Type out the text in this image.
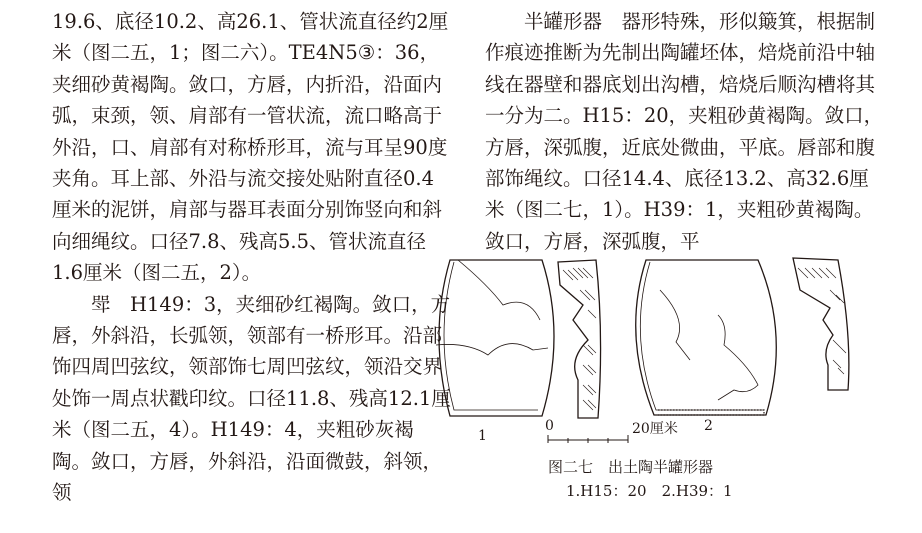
19.6、底径10.2、高26.1、管状流直径约2厘米（图二五，1；图二六）。TE4N5③：36，夹细砂黄褐陶。敛口，方唇，内折沿，沿面内弧，束颈，领、肩部有一管状流，流口略高于外沿，口、肩部有对称桥形耳，流与耳呈90度夹角。耳上部、外沿与流交接处贴附直径0.4厘米的泥饼，肩部与器耳表面分别饰竖向和斜向细绳纹。口径7.8、残高5.5、管状流直径1.6厘米（图二五，2）。

斝　H149：3，夹细砂红褐陶。敛口，方唇，外斜沿，长弧领，领部有一桥形耳。沿部饰四周凹弦纹，领部饰七周凹弦纹，领沿交界处饰一周点状戳印纹。口径11.8、残高12.1厘米（图二五，4）。H149：4，夹粗砂灰褐陶。敛口，方唇，外斜沿，沿面微鼓，斜领，领

半罐形器　器形特殊，形似簸箕，根据制作痕迹推断为先制出陶罐坯体，焙烧前沿中轴线在器壁和器底划出沟槽，焙烧后顺沟槽将其一分为二。H15：20，夹粗砂黄褐陶。敛口，方唇，深弧腹，近底处微曲，平底。唇部和腹部饰绳纹。口径14.4、底径13.2、高32.6厘米（图二七，1）。H39：1，夹粗砂黄褐陶。敛口，方唇，深弧腹，平

1
0	20厘米 2
图二七　出土陶半罐形器
1.H15：20　2.H39：1
